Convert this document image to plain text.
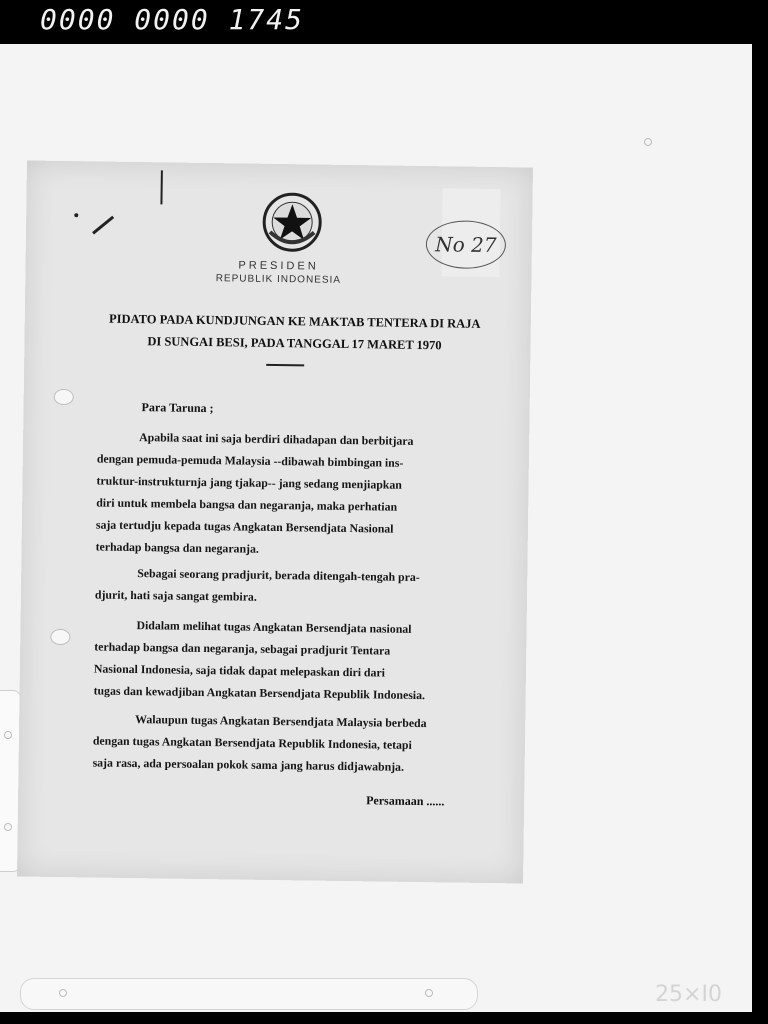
0000 0000 1745
25×I0
PRESIDEN
REPUBLIK INDONESIA
No 27
PIDATO PADA KUNDJUNGAN KE MAKTAB TENTERA DI RAJA
DI SUNGAI BESI, PADA TANGGAL 17 MARET 1970
Para Taruna ;
Apabila saat ini saja berdiri dihadapan dan berbitjara
dengan pemuda-pemuda Malaysia --dibawah bimbingan ins-
truktur-instrukturnja jang tjakap-- jang sedang menjiapkan
diri untuk membela bangsa dan negaranja, maka perhatian
saja tertudju kepada tugas Angkatan Bersendjata Nasional
terhadap bangsa dan negaranja.
Sebagai seorang pradjurit, berada ditengah-tengah pra-
djurit, hati saja sangat gembira.
Didalam melihat tugas Angkatan Bersendjata nasional
terhadap bangsa dan negaranja, sebagai pradjurit Tentara
Nasional Indonesia, saja tidak dapat melepaskan diri dari
tugas dan kewadjiban Angkatan Bersendjata Republik Indonesia.
Walaupun tugas Angkatan Bersendjata Malaysia berbeda
dengan tugas Angkatan Bersendjata Republik Indonesia, tetapi
saja rasa, ada persoalan pokok sama jang harus didjawabnja.
Persamaan ......
